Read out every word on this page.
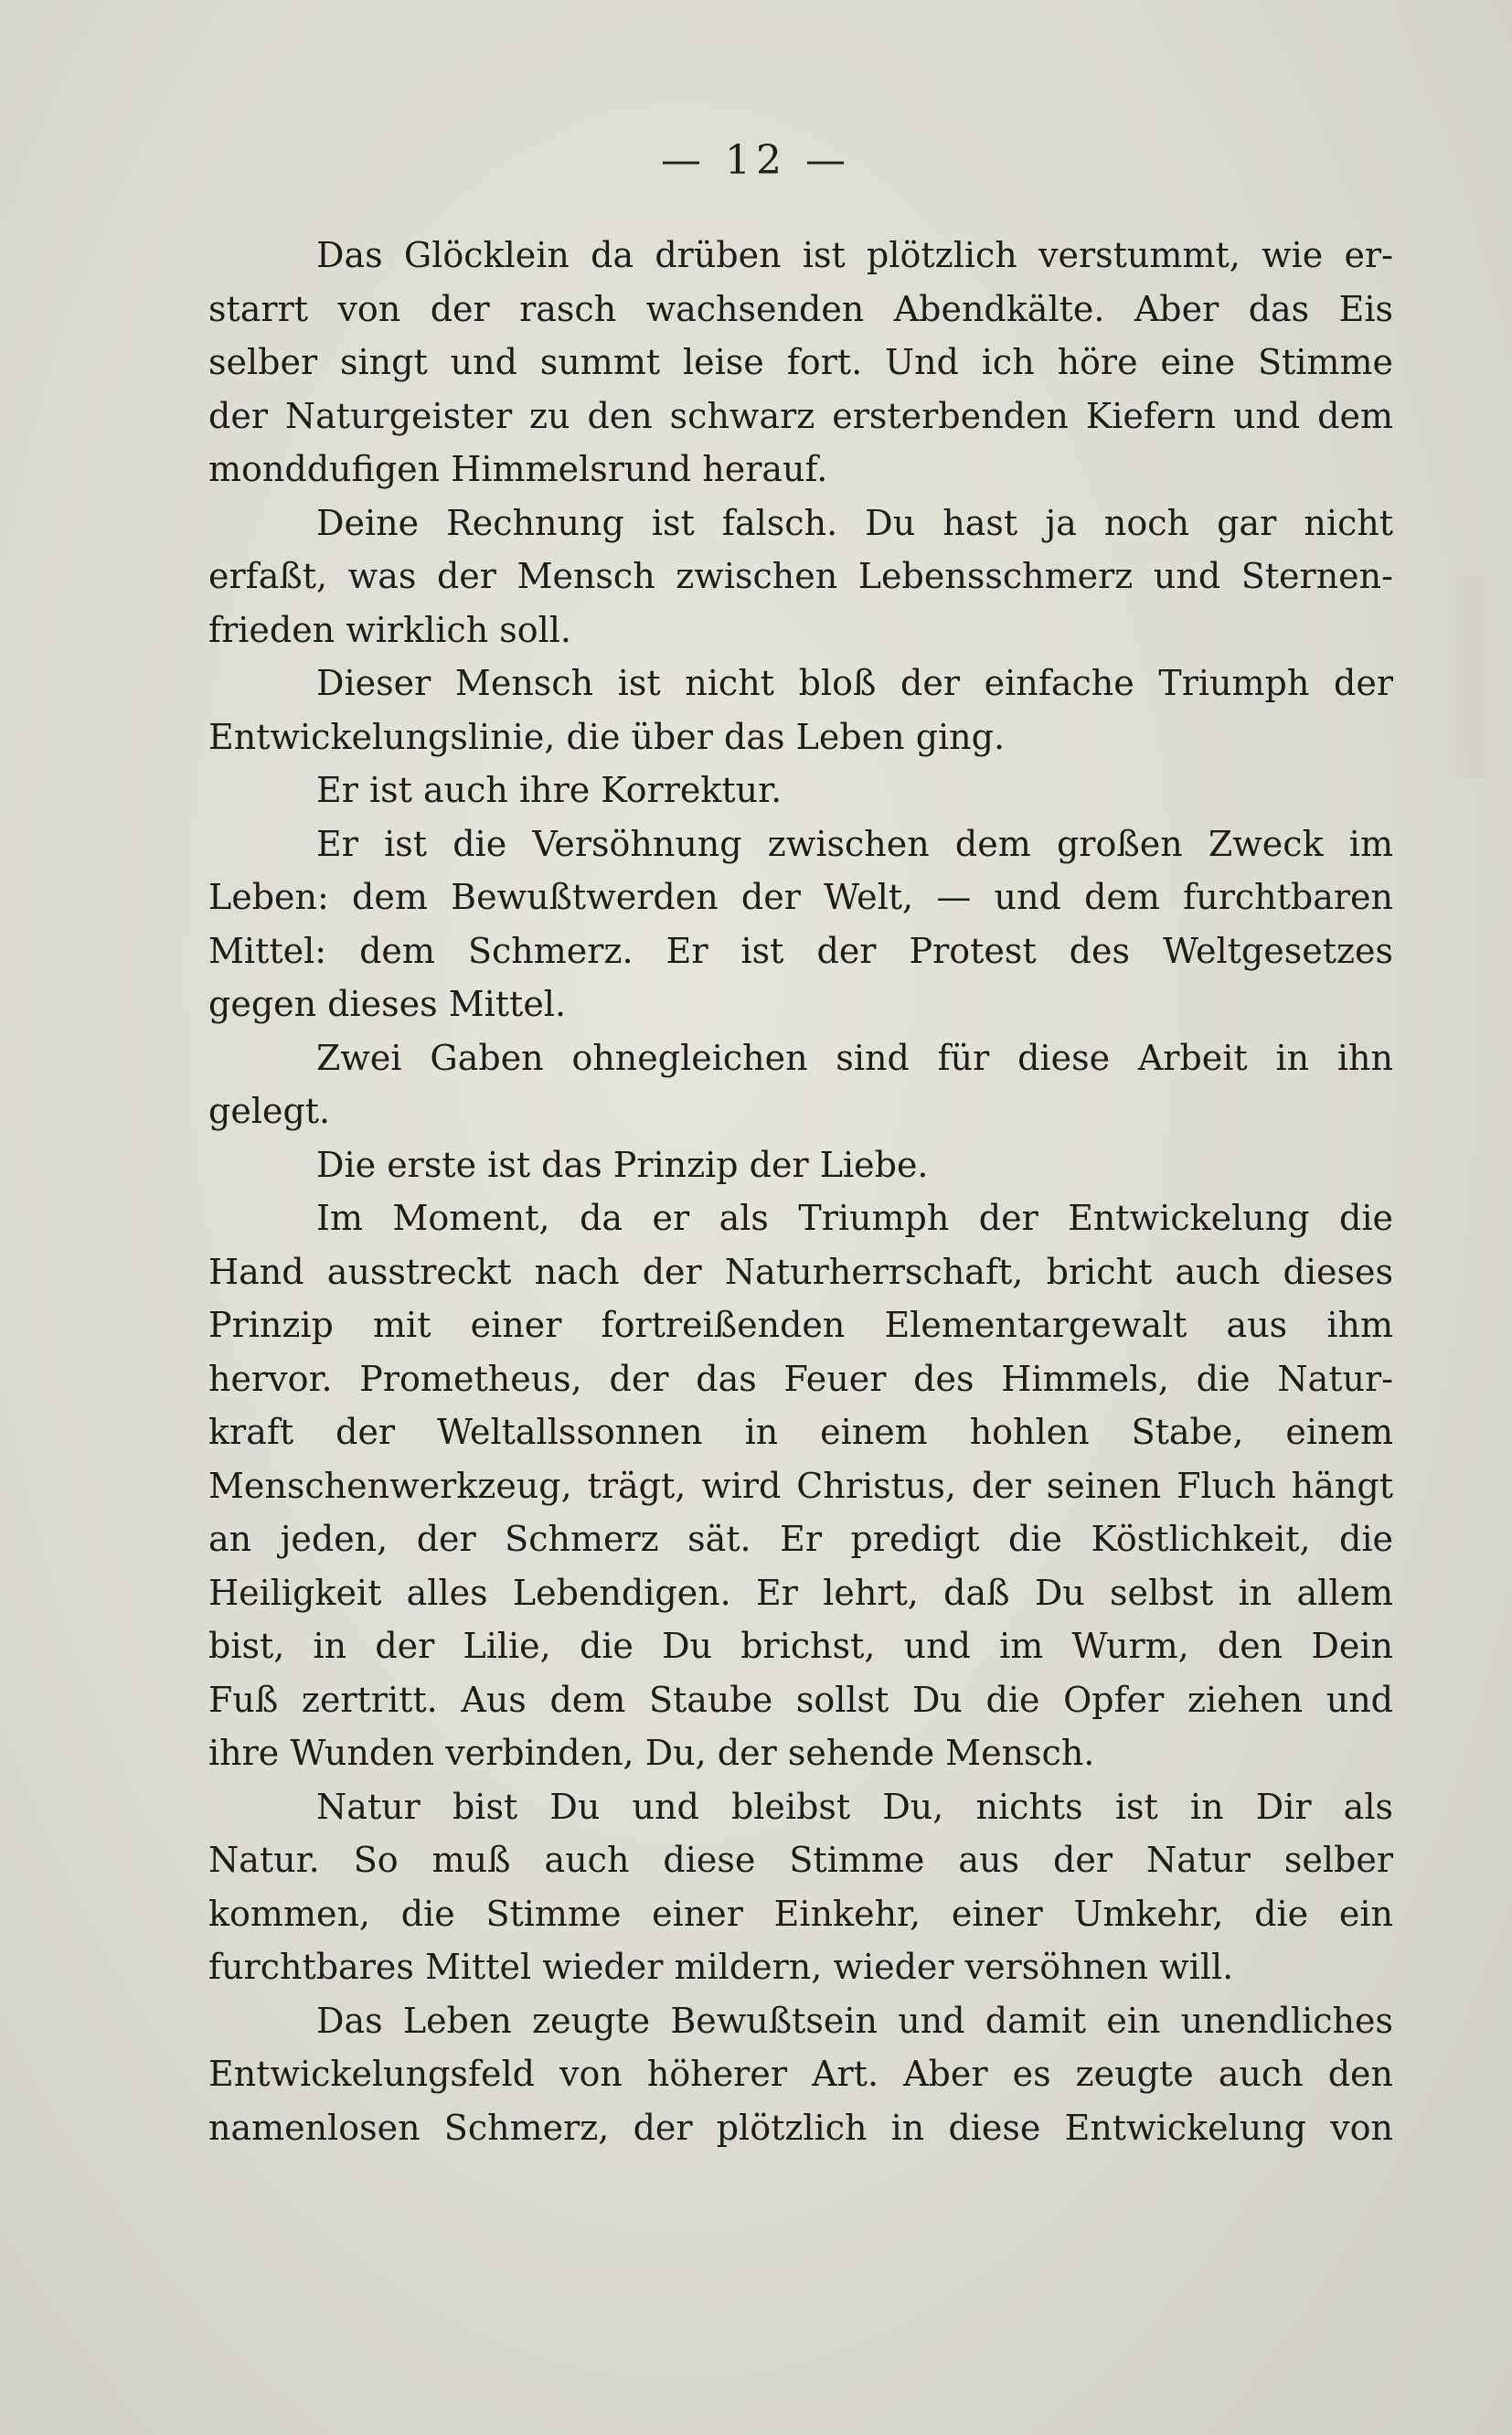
— 12 —
Das Glöcklein da drüben ist plötzlich verstummt, wie er-
starrt von der rasch wachsenden Abendkälte. Aber das Eis
selber singt und summt leise fort. Und ich höre eine Stimme
der Naturgeister zu den schwarz ersterbenden Kiefern und dem
monddufigen Himmelsrund herauf.
Deine Rechnung ist falsch. Du hast ja noch gar nicht
erfaßt, was der Mensch zwischen Lebensschmerz und Sternen-
frieden wirklich soll.
Dieser Mensch ist nicht bloß der einfache Triumph der
Entwickelungslinie, die über das Leben ging.
Er ist auch ihre Korrektur.
Er ist die Versöhnung zwischen dem großen Zweck im
Leben: dem Bewußtwerden der Welt, — und dem furchtbaren
Mittel: dem Schmerz. Er ist der Protest des Weltgesetzes
gegen dieses Mittel.
Zwei Gaben ohnegleichen sind für diese Arbeit in ihn
gelegt.
Die erste ist das Prinzip der Liebe.
Im Moment, da er als Triumph der Entwickelung die
Hand ausstreckt nach der Naturherrschaft, bricht auch dieses
Prinzip mit einer fortreißenden Elementargewalt aus ihm
hervor. Prometheus, der das Feuer des Himmels, die Natur-
kraft der Weltallssonnen in einem hohlen Stabe, einem
Menschenwerkzeug, trägt, wird Christus, der seinen Fluch hängt
an jeden, der Schmerz sät. Er predigt die Köstlichkeit, die
Heiligkeit alles Lebendigen. Er lehrt, daß Du selbst in allem
bist, in der Lilie, die Du brichst, und im Wurm, den Dein
Fuß zertritt. Aus dem Staube sollst Du die Opfer ziehen und
ihre Wunden verbinden, Du, der sehende Mensch.
Natur bist Du und bleibst Du, nichts ist in Dir als
Natur. So muß auch diese Stimme aus der Natur selber
kommen, die Stimme einer Einkehr, einer Umkehr, die ein
furchtbares Mittel wieder mildern, wieder versöhnen will.
Das Leben zeugte Bewußtsein und damit ein unendliches
Entwickelungsfeld von höherer Art. Aber es zeugte auch den
namenlosen Schmerz, der plötzlich in diese Entwickelung von
